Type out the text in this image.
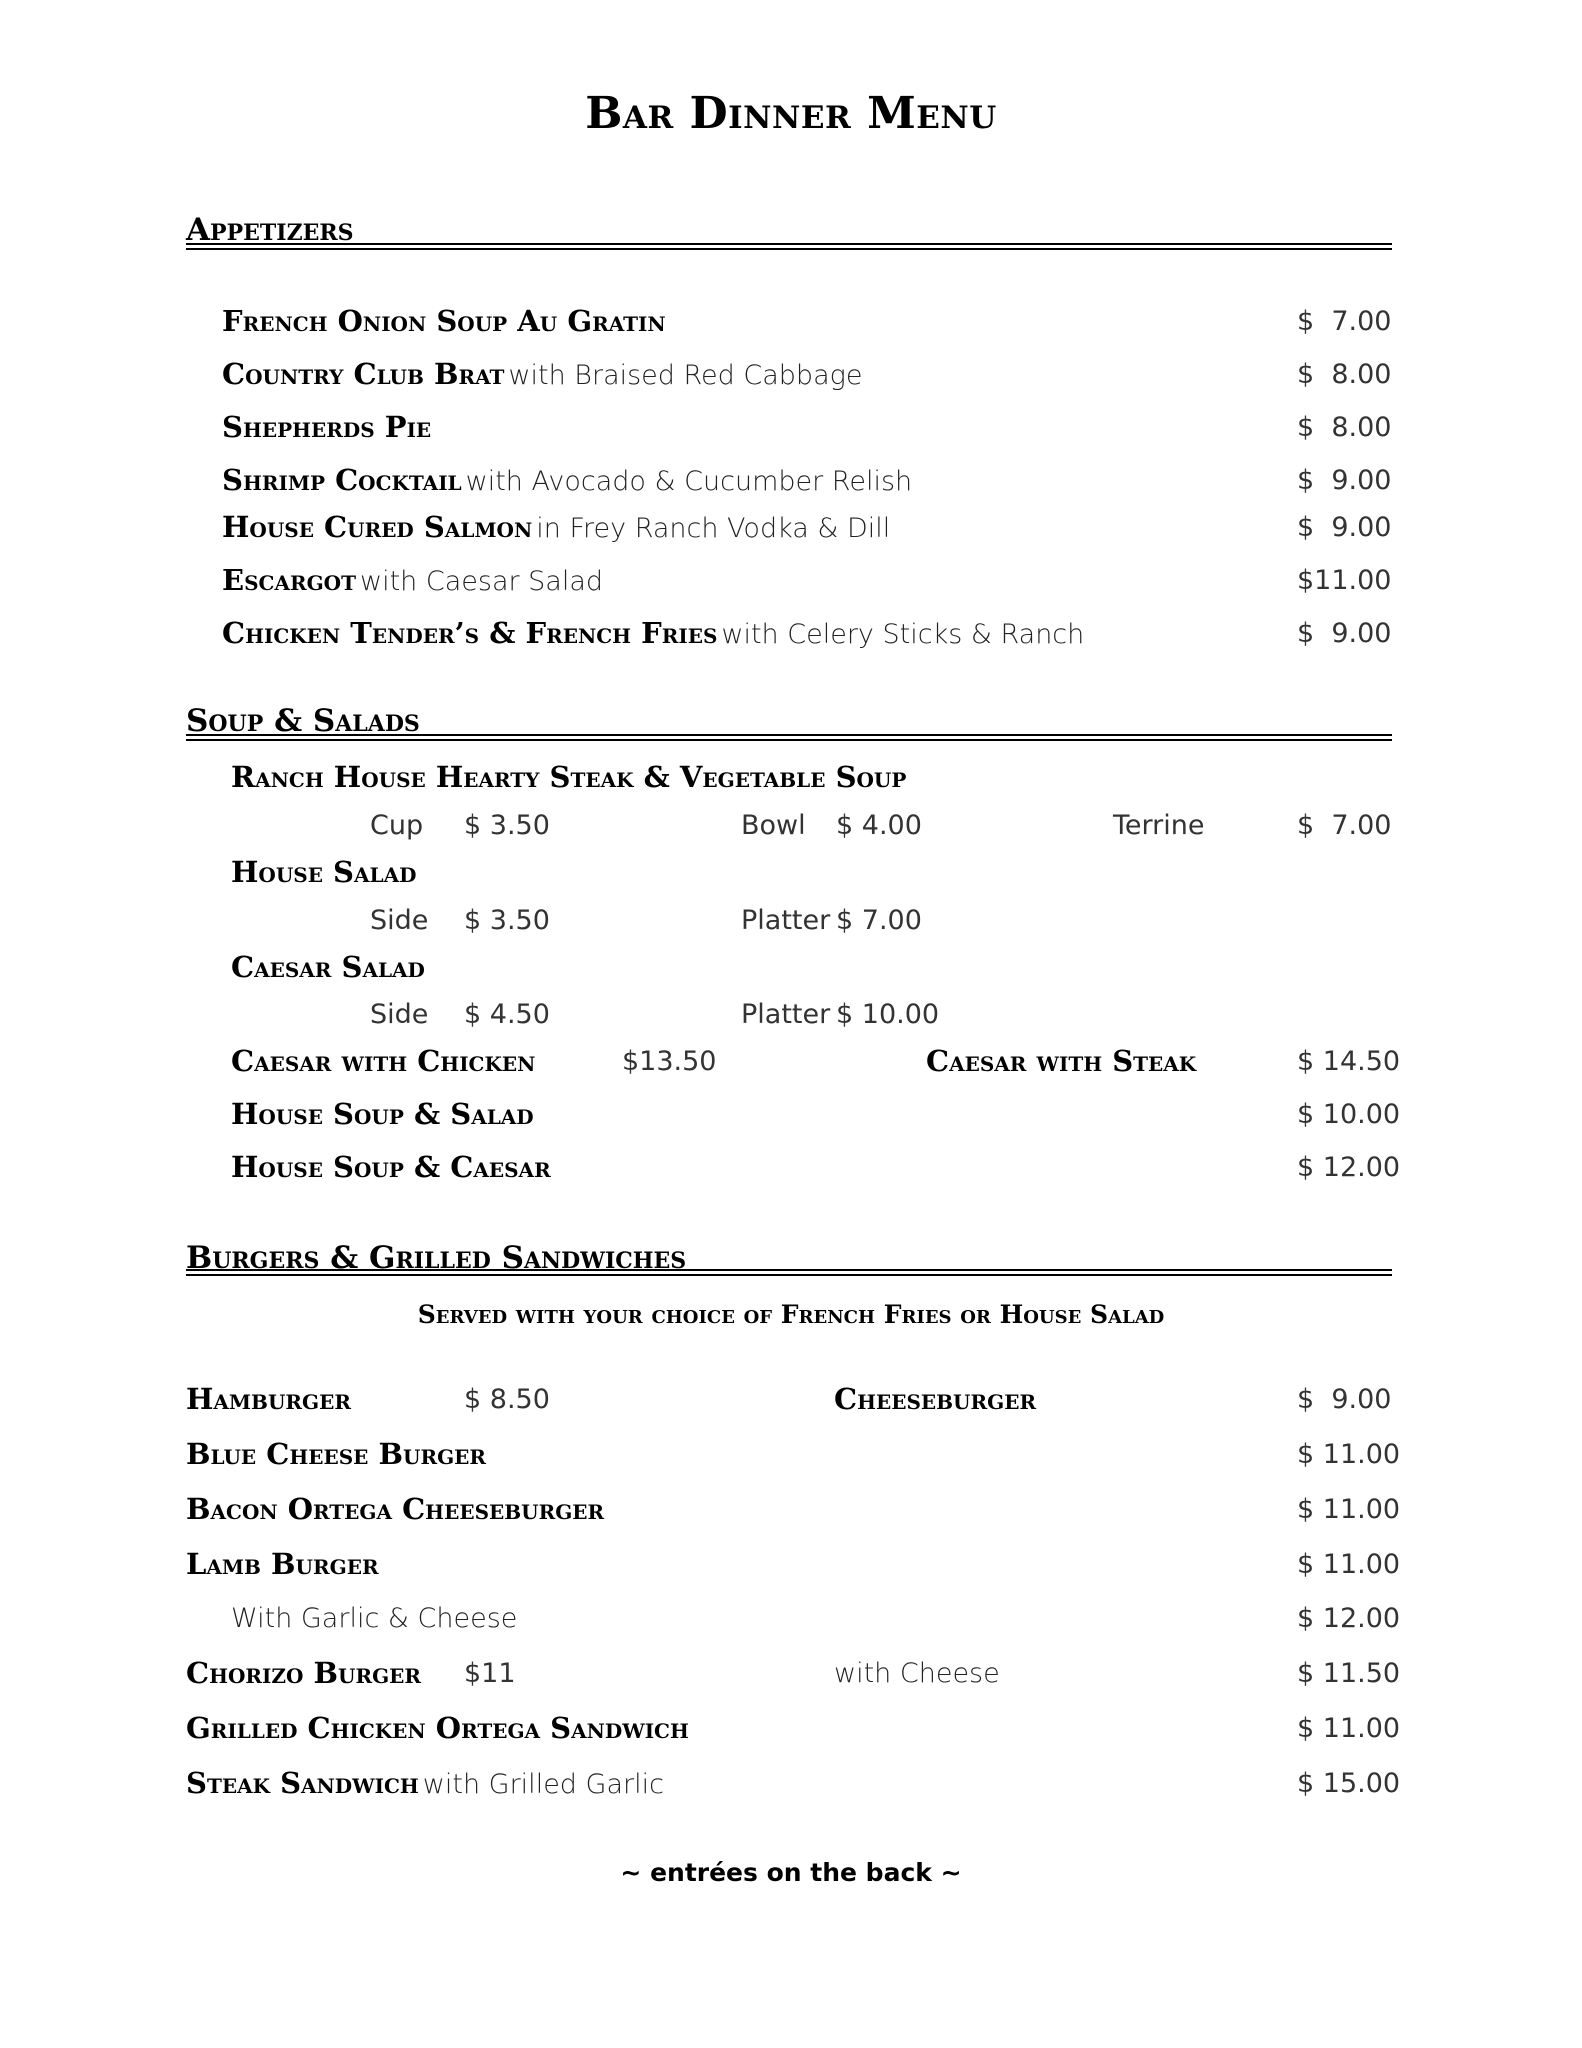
Bar Dinner Menu
Appetizers
French Onion Soup Au Gratin	$  7.00
Country Club Brat with Braised Red Cabbage	$  8.00
Shepherds Pie	$  8.00
Shrimp Cocktail with Avocado & Cucumber Relish	$  9.00
House Cured Salmon in Frey Ranch Vodka & Dill	$  9.00
Escargot with Caesar Salad	$11.00
Chicken Tender’s & French Fries with Celery Sticks & Ranch	$  9.00
Soup & Salads
Ranch House Hearty Steak & Vegetable Soup
Cup $ 3.50	Bowl $ 4.00	Terrine	$  7.00
House Salad
Side $ 3.50	Platter $ 7.00
Caesar Salad
Side $ 4.50	Platter $ 10.00
Caesar with Chicken	$13.50	Caesar with Steak	$ 14.50
House Soup & Salad	$ 10.00
House Soup & Caesar	$ 12.00
Burgers & Grilled Sandwiches
Served with your choice of French Fries or House Salad
Hamburger	$ 8.50	Cheeseburger	$  9.00
Blue Cheese Burger	$ 11.00
Bacon Ortega Cheeseburger	$ 11.00
Lamb Burger	$ 11.00
With Garlic & Cheese	$ 12.00
Chorizo Burger $11	with Cheese	$ 11.50
Grilled Chicken Ortega Sandwich	$ 11.00
Steak Sandwich with Grilled Garlic	$ 15.00
~ entrées on the back ~
